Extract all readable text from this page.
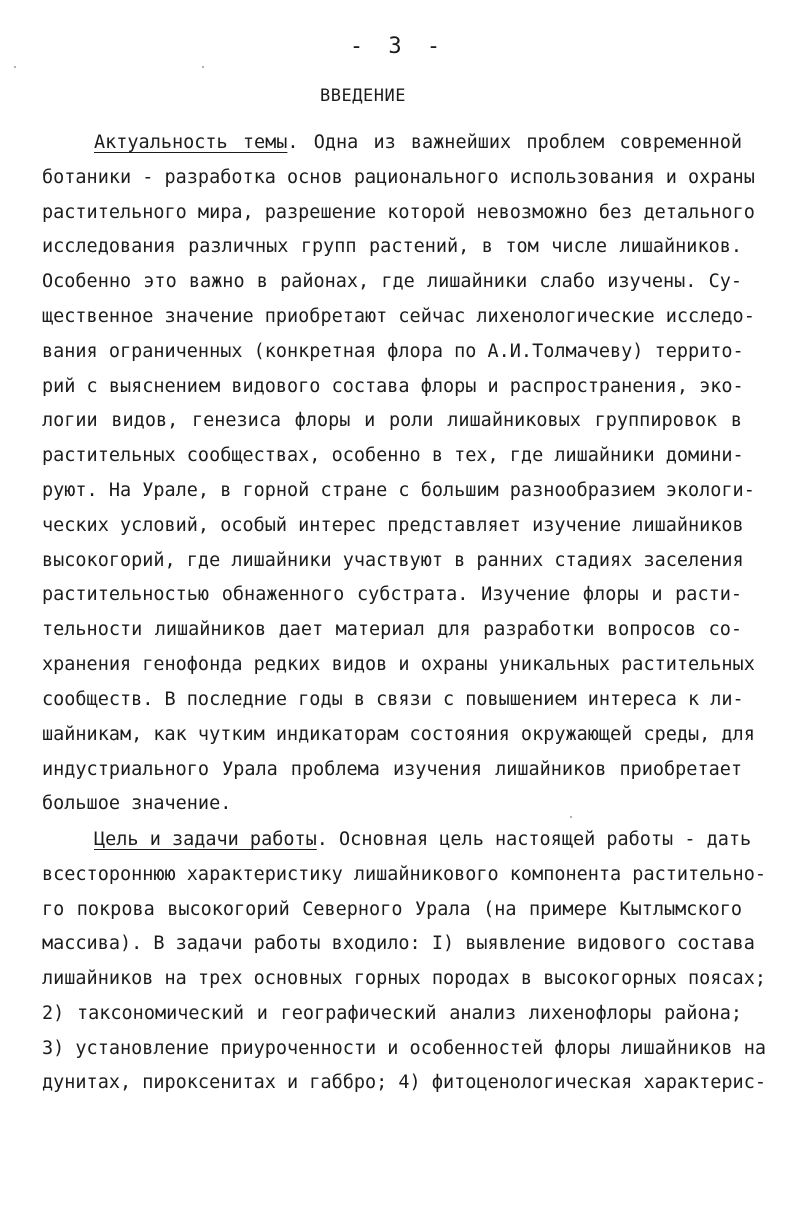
- 3 -
ВВЕДЕНИЕ
Актуальность темы. Одна из важнейших проблем современной
ботаники - разработка основ рационального использования и охраны
растительного мира, разрешение которой невозможно без детального
исследования различных групп растений, в том числе лишайников.
Особенно это важно в районах, где лишайники слабо изучены. Су-
щественное значение приобретают сейчас лихенологические исследо-
вания ограниченных (конкретная флора по А.И.Толмачеву) террито-
рий с выяснением видового состава флоры и распространения, эко-
логии видов, генезиса флоры и роли лишайниковых группировок в
растительных сообществах, особенно в тех, где лишайники домини-
руют. На Урале, в горной стране с большим разнообразием экологи-
ческих условий, особый интерес представляет изучение лишайников
высокогорий, где лишайники участвуют в ранних стадиях заселения
растительностью обнаженного субстрата. Изучение флоры и расти-
тельности лишайников дает материал для разработки вопросов со-
хранения генофонда редких видов и охраны уникальных растительных
сообществ. В последние годы в связи с повышением интереса к ли-
шайникам, как чутким индикаторам состояния окружающей среды, для
индустриального Урала проблема изучения лишайников приобретает
большое значение.
Цель и задачи работы. Основная цель настоящей работы - дать
всестороннюю характеристику лишайникового компонента растительно-
го покрова высокогорий Северного Урала (на примере Кытлымского
массива). В задачи работы входило: I) выявление видового состава
лишайников на трех основных горных породах в высокогорных поясах;
2) таксономический и географический анализ лихенофлоры района;
3) установление приуроченности и особенностей флоры лишайников на
дунитах, пироксенитах и габбро; 4) фитоценологическая характерис-
